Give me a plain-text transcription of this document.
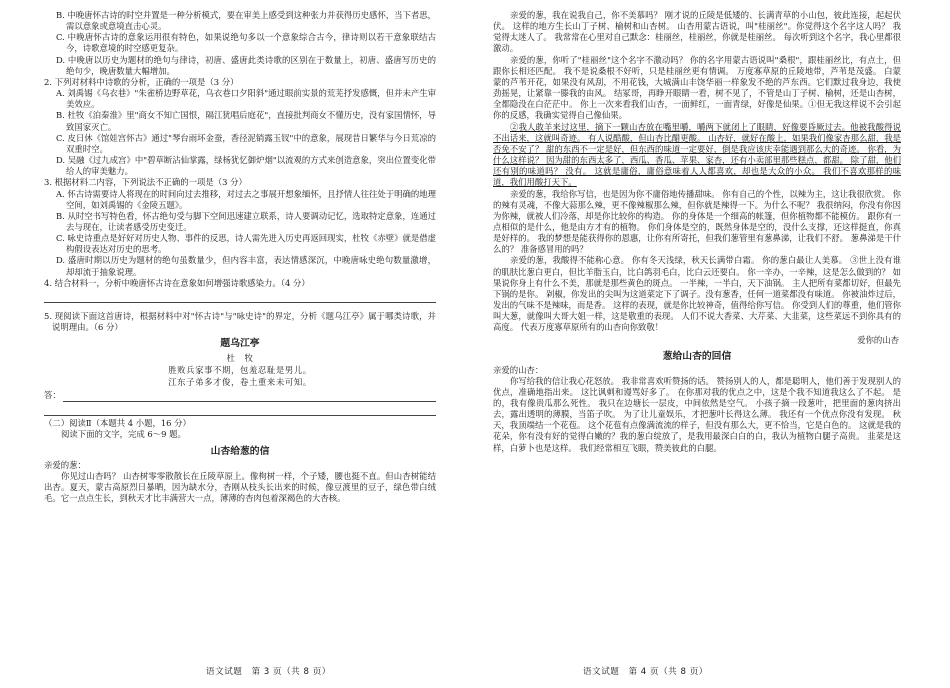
B. 中晚唐怀古诗的时空并置是一种分析模式，要在审美上感受到这种张力并获得历史感怀，当下者思，需以意象或意境直击心灵。

C. 中晚唐怀古诗的意象运用很有特色，如果说绝句多以一个意象综合古今，律诗则以若干意象联结古今，诗歌意境的时空感更复杂。

D. 中晚唐以历史为题材的绝句与律诗，初唐、盛唐此类诗歌的区别在于数量上，初唐、盛唐写历史的绝句少，晚唐数量大幅增加。

2. 下列对材料中诗歌的分析，正确的一项是（3 分）

A. 刘禹锡《乌衣巷》"朱雀桥边野草花，乌衣巷口夕阳斜"通过眼前实景的荒芜抒发感慨，但并未产生审美效应。

B. 杜牧《泊秦淮》里"商女不知亡国恨，隔江犹唱后庭花"，直接批判商女不懂历史，没有家国情怀，导致国家灭亡。

C. 皮日休《馆娃宫怀古》通过"琴台雨坏金蚕，香径泥销露玉钗"中的意象，展现昔日繁华与今日荒凉的双重时空。

D. 吴融《过九成宫》中"碧草断沾仙掌露，绿杨犹忆御炉烟"以流观的方式来创造意象，突出位置变化带给人的审美魅力。

3. 根据材料二内容，下列说法不正确的一项是（3 分）

A. 怀古诗需要诗人将现在的时间向过去推移，对过去之事展开想象缅怀，且抒情人往往处于明确的地理空间，如刘禹锡的《金陵五题》。

B. 从时空书写特色看，怀古绝句受与脚下空间迅速建立联系，诗人要调动记忆，选取特定意象，连通过去与现在，让读者感受历史变迁。

C. 咏史诗重点是好好对历史人物、事件的反思，诗人需先进入历史再返回现实，杜牧《赤壁》就是借虚构假设表达对历史的思考。

D. 盛唐时期以历史为题材的绝句虽数量少，但内容丰富，表达情感深沉，中晚唐咏史绝句数量激增，却却流于抽象说理。

4. 结合材料一，分析中晚唐怀古诗在意象如何增强诗歌感染力。（4 分）

5. 现阅读下面这首唐诗，根据材料中对"怀古诗"与"咏史诗"的界定，分析《题乌江亭》属于哪类诗歌，并说明理由。（6 分）

题乌江亭

杜　牧

胜败兵家事不期，包羞忍耻是男儿。

江东子弟多才俊，卷土重来未可知。

答：

（二）阅读Ⅱ（本题共 4 小题，16 分）

阅读下面的文字，完成 6～9 题。

山杏给葱的信

亲爱的葱：

你见过山杏吗？ 山杏树零零散散长在丘陵草原上。像枸树一样，个子矮，腰也挺不直。但山杏树能结出杏。夏天，蒙古高原烈日暴晒，因为缺水分，杏刚从枝头长出来的时候，像豆渡里的豆子，绿色带白绒毛。它一点点生长，到秋天才比丰满营大一点，薄薄的杏肉包着深褐色的大杏核。

语文试题　第 3 页（共 8 页）

亲爱的葱，我在说我自己，你不美慕吗？ 刚才说的丘陵是低矮的、长满青草的小山包，彼此连接，起起伏伏。 这样的地方生长山丁子树、榆树和山杏树。 山杏用蒙古语说，叫"桂丽丝"。你觉得这个名字这人吗？ 我觉得太迷人了。 我常常在心里对自己默念：桂丽丝，桂丽丝，你就是桂丽丝。 每次听到这个名字，我心里都很激动。

亲爱的葱，你听了"桂丽丝"这个名字不激动吗？ 你的名字用蒙古语说叫"桑根"，跟桂丽丝比，有点土，但跟你长相还匹配。 我不是说桑根不好听，只是桂丽丝更有情调。 万度寡草原的丘陵地带，芦苇是茂盛。 白蒙蒙的芦苇开花，如果没有风刮，不用花钱，大城满山丰饶华丽一样象发不绝的芦东西。它们默过我身边，我使劲摇晃，让紧靠一滕我的由风。 结冢哥，再睁开眼睛一看，树不见了，不管是山丁子树、榆树，还是山杏树，全都隐没在白茫茫中。 你上一次来看我们山杏，一面鲜红，一面青绿，好像是仙果。①但无我这样说不会引起你的反感，我确实觉得自己像仙果。

②我人敢羊来过这里，摘下一颗山杏放在嘴里嚼，嚼两下就闭上了眼睛，好像要昏厥过去。他被我酸得说不出话来，这就叫奇迹。 有人说酷酸，但山杏比醋更酸。 山杏好，就好在酸上，如果我们像家杏那么甜，我是否免不安了？ 甜的东西不一定是好，但东西的味道一定要好，倒是我应该庆幸能遇到那么大的奇迹。 你看，为什么这样说？ 因为甜的东西太多了，西瓜、香瓜、苹果、家杏，还有小卖部里那些糕点，都甜。 除了甜，他们还有别的味道吗？ 没有。 这就是庸俗，庸俗意味着人人都喜欢，却也是大众的小众。 我们不喜欢那样的味道，我们用酸打天下。

亲爱的葱，我给你写信，也是因为你不庸俗地传播甜味。 你有自己的个性，以辣为主，这让我很欣赏。 你的辣有灵魂，不像大蒜那么辣，更不像辣椒那么辣，但你就是辣得一下。为什么不呢？ 我很纳闷，你没有你因为你辣，就被人们冷落，却是你比较你的构造。 你的身体是一个细高的帐篷，但你植物都不能模仿。 跟你有一点相似的是什么，他是由方才有的植物。 你们身体是空的，既然身体是空的，没什么支撑，还这样挺直，你真是好样的。 我的梦想是能获得你的恩惠，让你有所寄托，但我们葱管里有葱鼻涕，让我们不舒。 葱鼻涕是干什么的？ 准备感冒用的吗？

亲爱的葱，我酸得不能称心意。 你有冬天浅绿，秋天长满带白霜。 你的葱白最让人美慕。 ③世上没有谁的肌肤比葱白更白，但比羊脂玉白，比白鸽羽毛白，比白云还要白。 你一辛办，一辛辣，这是怎么做到的？ 如果说你身上有什么不美，那就是那些黄色的斑点。 一半辣，一半白，天下油锅。 主人把所有菜都切好，但最先下锅的是你。 剁椒，你发出的尖叫为这道菜定下了调子。没有葱香，任何一道菜都没有味道。 你被油炸过后，发出的气味不是辣味，而是香。 这样的表现，就是你比较神奇，值得给你写信。 你受到人们的尊重，他们管你叫大葱，就像叫大哥大姐一样，这是敬重的表现。 人们不说大香菜、大芹菜、大韭菜，这些菜远不到你具有的高度。 代表万度寡草原所有的山杏向你致敬！

爱你的山杏

葱给山杏的回信

亲爱的山杏：

你写给我的信让我心花怒放。 我非常喜欢听赞扬的话。 赞扬别人的人，都是聪明人，他们善于发现别人的优点，准确地指出来。 这比讽刺和谩骂好多了。 在你那对我的优点之中，这是个我不知道我这么了不起。 是的，我有像贵瓜那么死性。 我只在边塘长一层皮，中间依然是空气。 小孩子摘一段葱叶，把里面的葱肉挤出去，露出透明的薄膜，当笛子吹。 为了让儿童娱乐，才把葱叶长得这么薄。 我还有一个优点你没有发现。 秋天，我顶端结一个花苞。 这个花苞有点像满流流的样子，但没有那么大，更不恰当，它是白色的。 这就是我的花朵，你有没有好的觉得白嫩的？我的葱白绽放了，是我用最深白白的白，我认为植物白腿子高贵。 韭菜是这样，白萝卜也是这样。 我们经常相互飞眼，赞美彼此的白腿。

语文试题　第 4 页（共 8 页）
